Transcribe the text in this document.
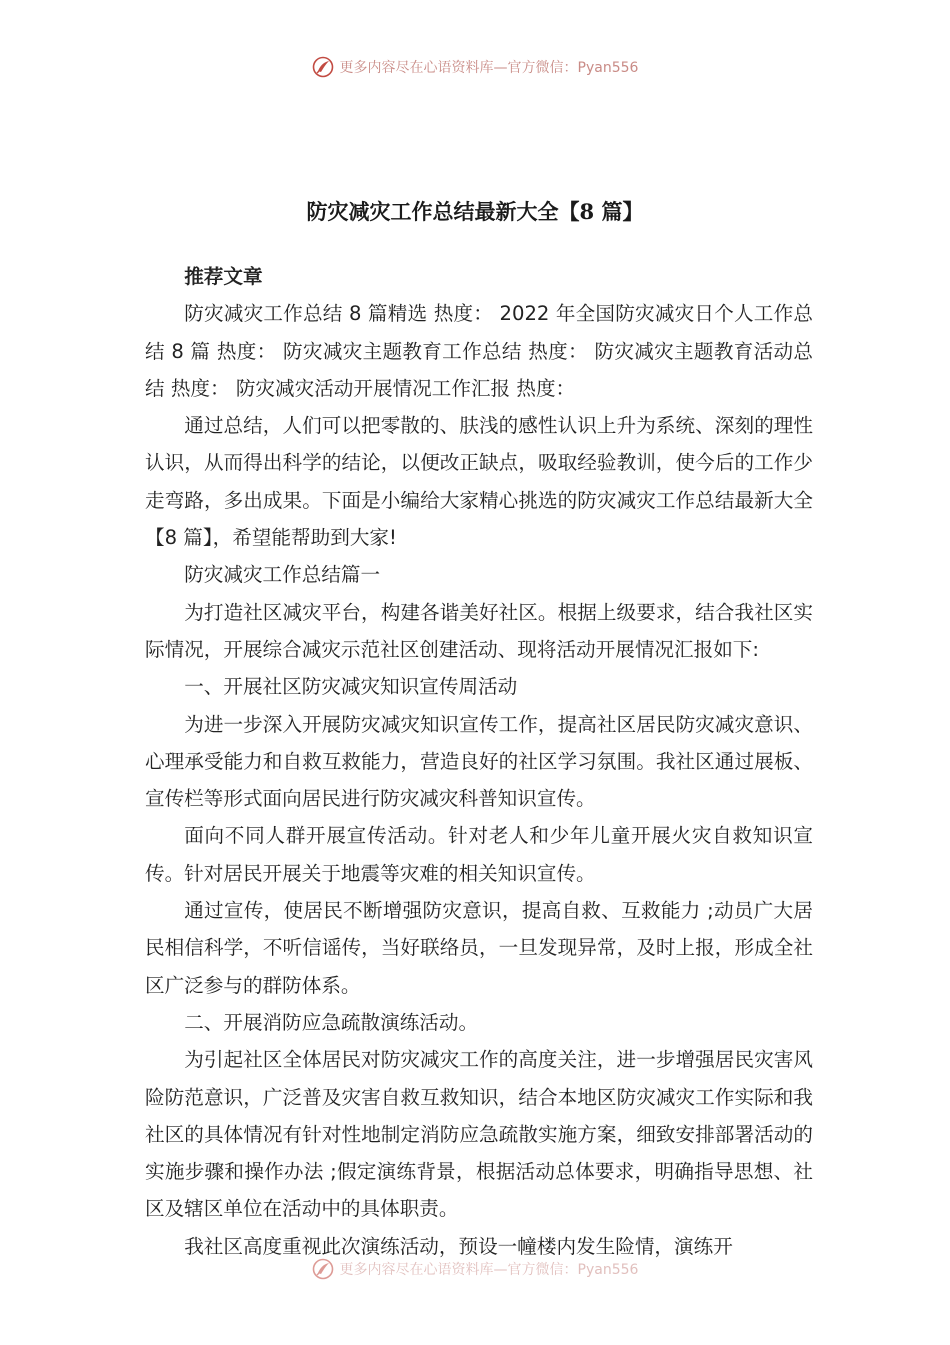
更多内容尽在心语资料库—官方微信：Pyan556
防灾减灾工作总结最新大全【8 篇】

推荐文章

防灾减灾工作总结 8 篇精选 热度： 2022 年全国防灾减灾日个人工作总结 8 篇 热度： 防灾减灾主题教育工作总结 热度： 防灾减灾主题教育活动总结 热度： 防灾减灾活动开展情况工作汇报 热度：

通过总结，人们可以把零散的、肤浅的感性认识上升为系统、深刻的理性认识，从而得出科学的结论，以便改正缺点，吸取经验教训，使今后的工作少走弯路，多出成果。下面是小编给大家精心挑选的防灾减灾工作总结最新大全【8 篇】，希望能帮助到大家!

防灾减灾工作总结篇一

为打造社区减灾平台，构建各谐美好社区。根据上级要求，结合我社区实际情况，开展综合减灾示范社区创建活动、现将活动开展情况汇报如下:

一、开展社区防灾减灾知识宣传周活动

为进一步深入开展防灾减灾知识宣传工作，提高社区居民防灾减灾意识、心理承受能力和自救互救能力，营造良好的社区学习氛围。我社区通过展板、宣传栏等形式面向居民进行防灾减灾科普知识宣传。

面向不同人群开展宣传活动。针对老人和少年儿童开展火灾自救知识宣传。针对居民开展关于地震等灾难的相关知识宣传。

通过宣传，使居民不断增强防灾意识，提高自救、互救能力 ;动员广大居民相信科学，不听信谣传，当好联络员，一旦发现异常，及时上报，形成全社区广泛参与的群防体系。

二、开展消防应急疏散演练活动。

为引起社区全体居民对防灾减灾工作的高度关注，进一步增强居民灾害风险防范意识，广泛普及灾害自救互救知识，结合本地区防灾减灾工作实际和我社区的具体情况有针对性地制定消防应急疏散实施方案，细致安排部署活动的实施步骤和操作办法 ;假定演练背景，根据活动总体要求，明确指导思想、社区及辖区单位在活动中的具体职责。

我社区高度重视此次演练活动，预设一幢楼内发生险情，演练开

更多内容尽在心语资料库—官方微信：Pyan556
